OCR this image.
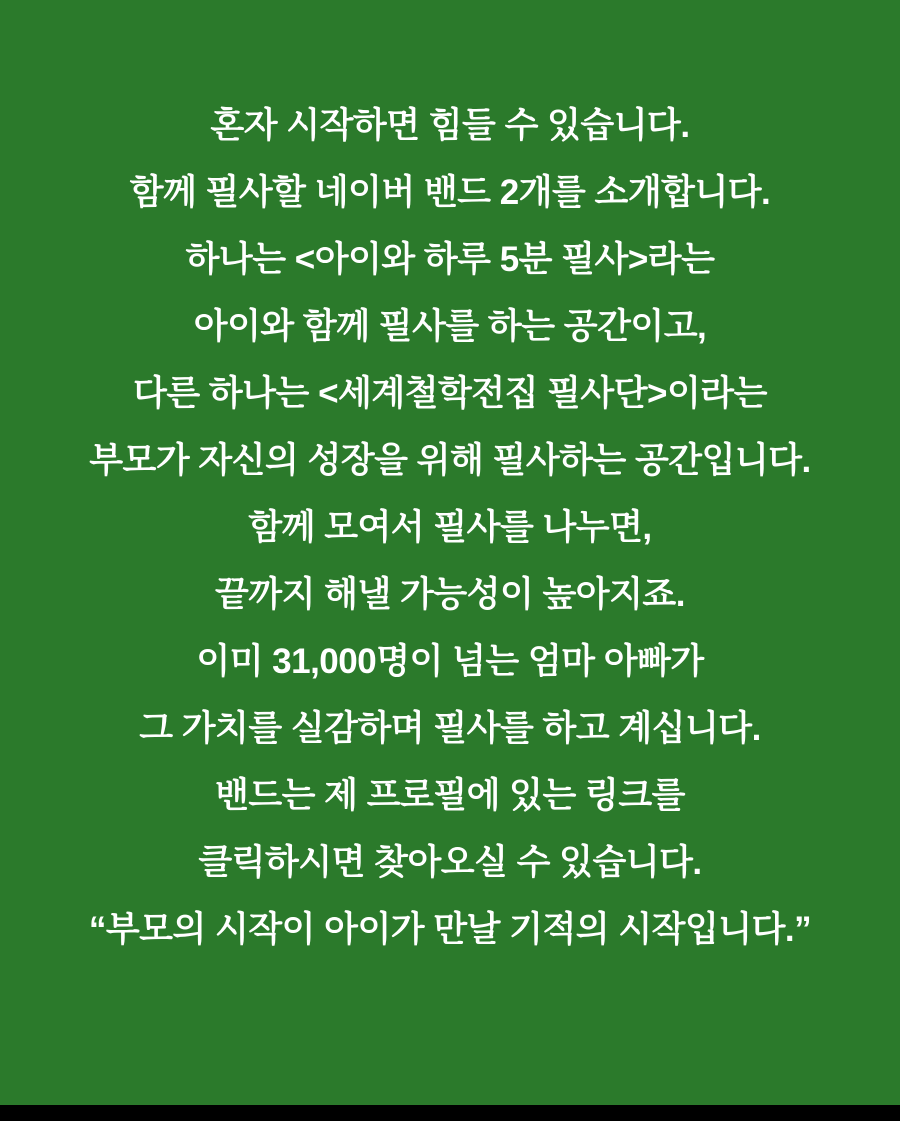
혼자 시작하면 힘들 수 있습니다.
함께 필사할 네이버 밴드 2개를 소개합니다.
하나는 <아이와 하루 5분 필사>라는
아이와 함께 필사를 하는 공간이고,
다른 하나는 <세계철학전집 필사단>이라는
부모가 자신의 성장을 위해 필사하는 공간입니다.
함께 모여서 필사를 나누면,
끝까지 해낼 가능성이 높아지죠.
이미 31,000명이 넘는 엄마 아빠가
그 가치를 실감하며 필사를 하고 계십니다.
밴드는 제 프로필에 있는 링크를
클릭하시면 찾아오실 수 있습니다.
“부모의 시작이 아이가 만날 기적의 시작입니다.”
